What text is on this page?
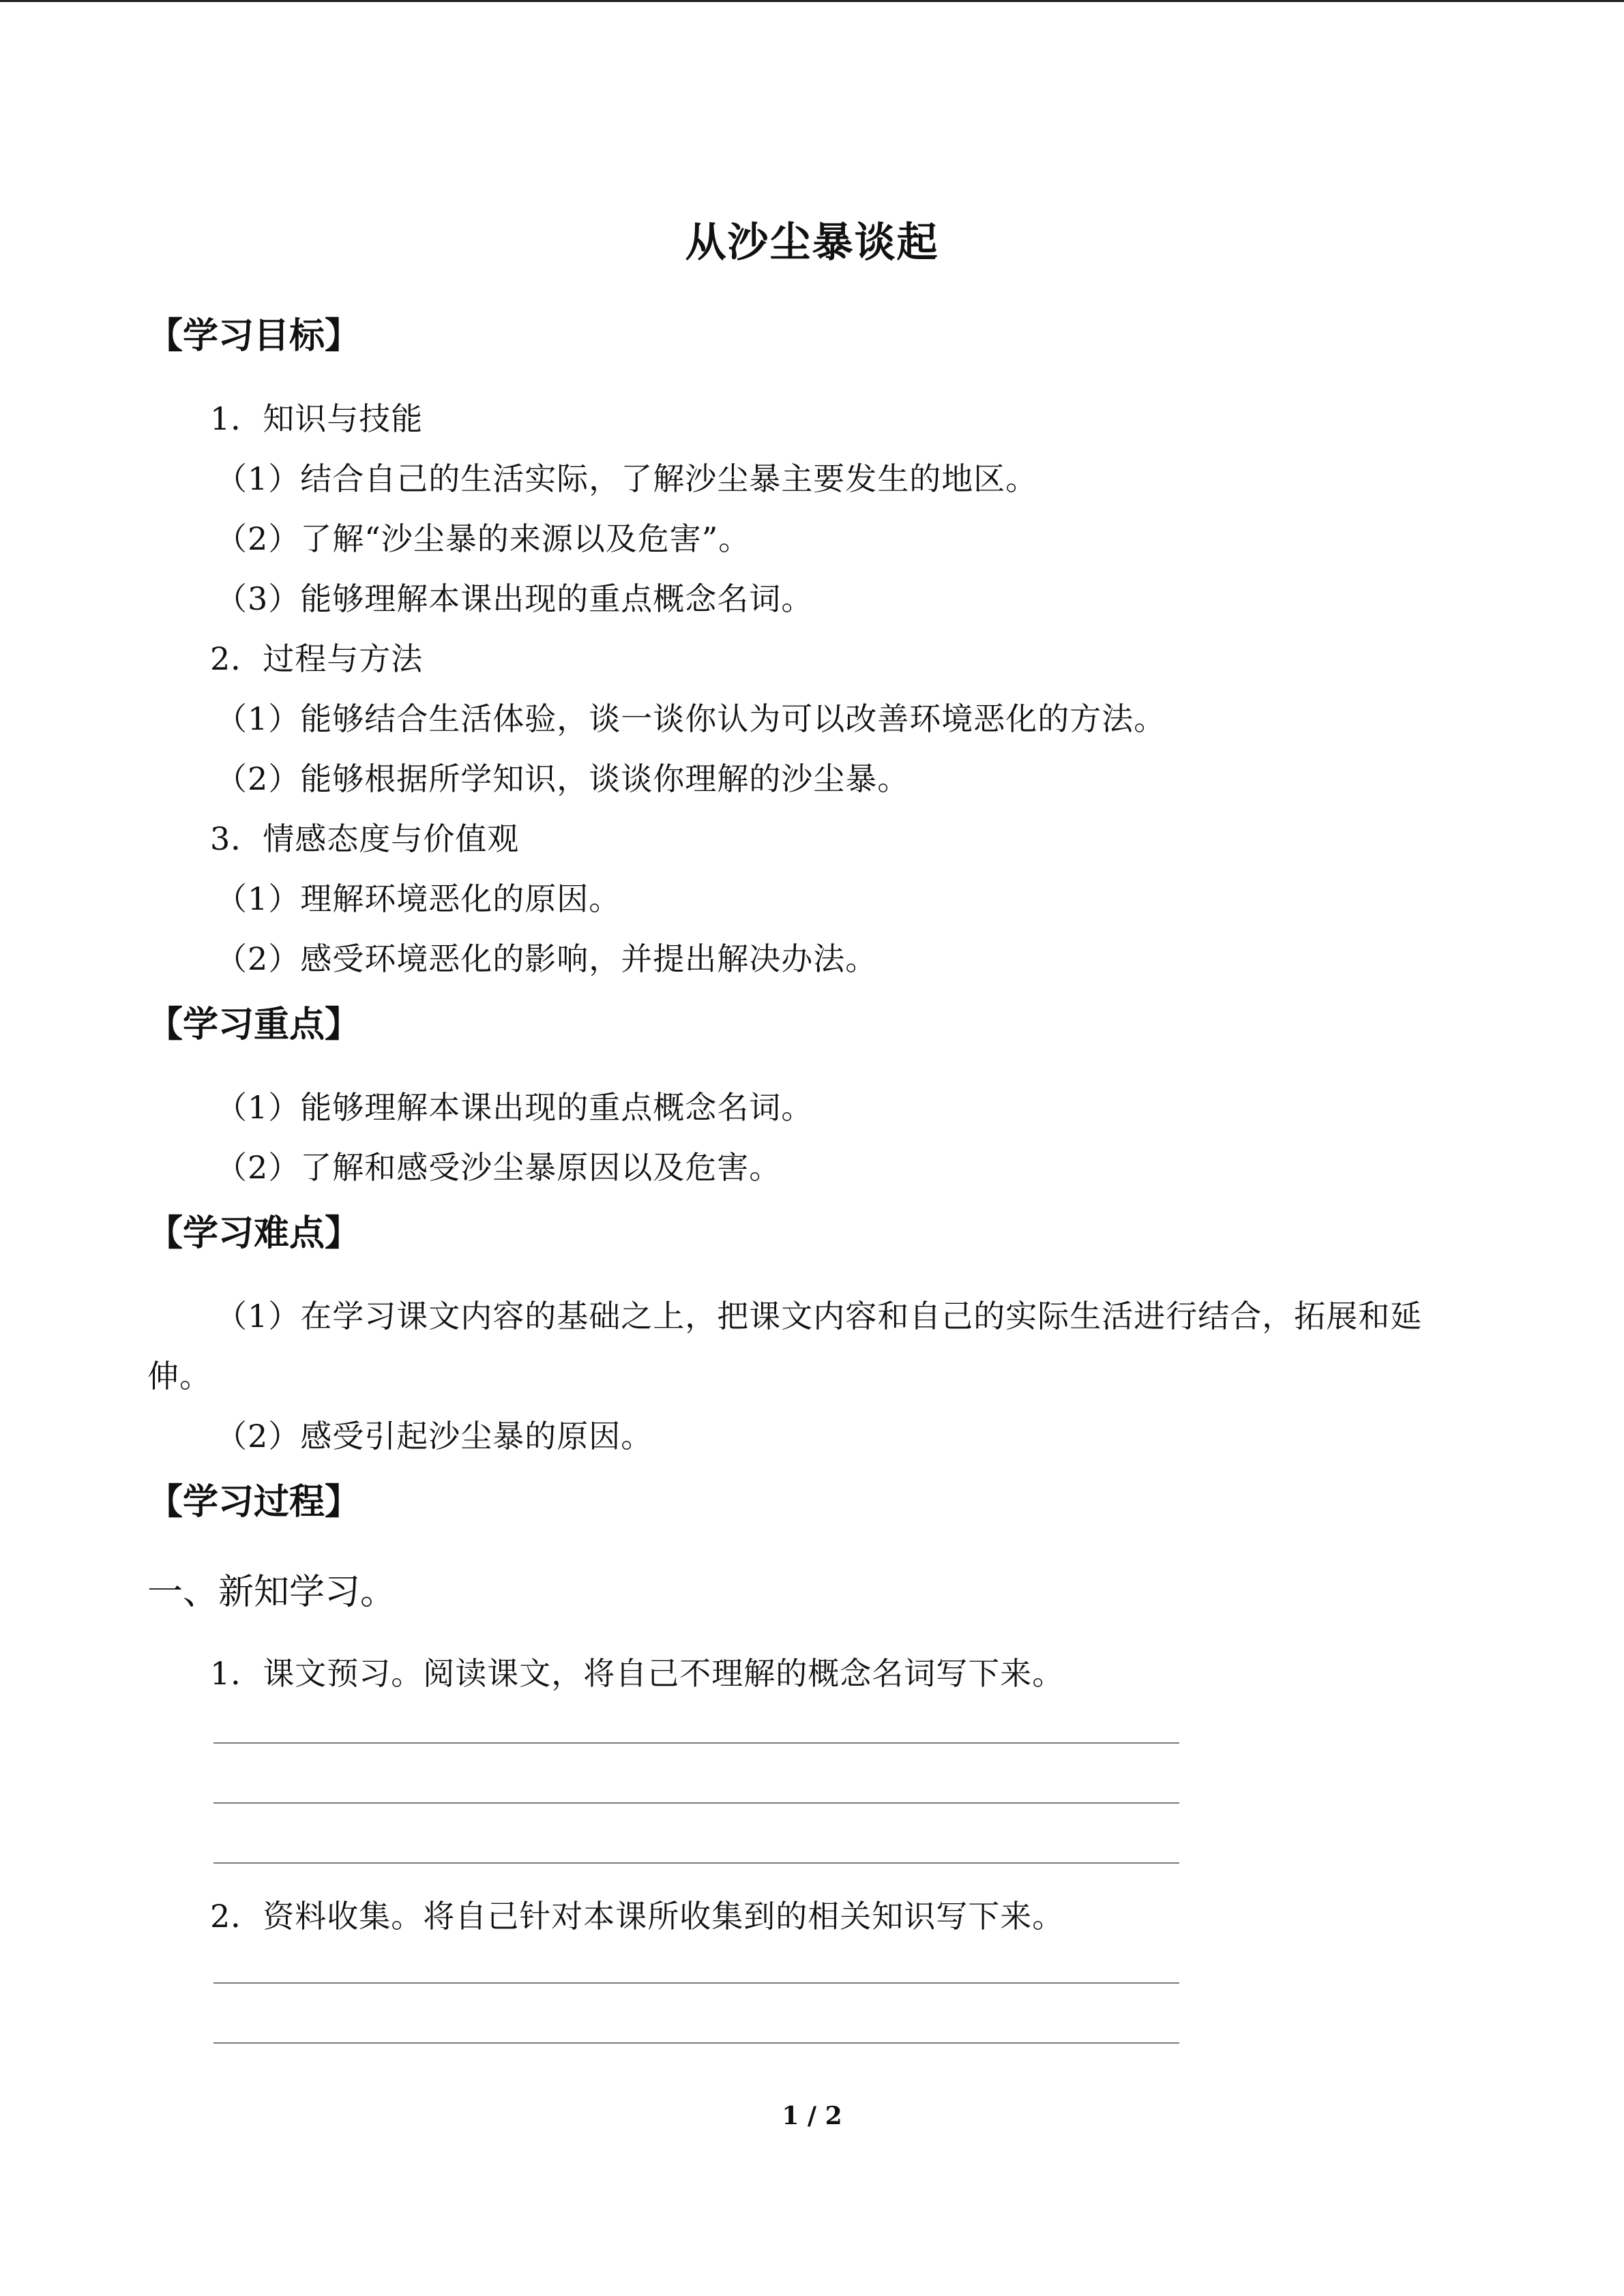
从沙尘暴谈起
【学习目标】
1．知识与技能
（1）结合自己的生活实际，了解沙尘暴主要发生的地区。
（2）了解“沙尘暴的来源以及危害”。
（3）能够理解本课出现的重点概念名词。
2．过程与方法
（1）能够结合生活体验，谈一谈你认为可以改善环境恶化的方法。
（2）能够根据所学知识，谈谈你理解的沙尘暴。
3．情感态度与价值观
（1）理解环境恶化的原因。
（2）感受环境恶化的影响，并提出解决办法。
【学习重点】
（1）能够理解本课出现的重点概念名词。
（2）了解和感受沙尘暴原因以及危害。
【学习难点】
（1）在学习课文内容的基础之上，把课文内容和自己的实际生活进行结合，拓展和延
伸。
（2）感受引起沙尘暴的原因。
【学习过程】
一、新知学习。
1．课文预习。阅读课文，将自己不理解的概念名词写下来。
2．资料收集。将自己针对本课所收集到的相关知识写下来。
1 / 2
